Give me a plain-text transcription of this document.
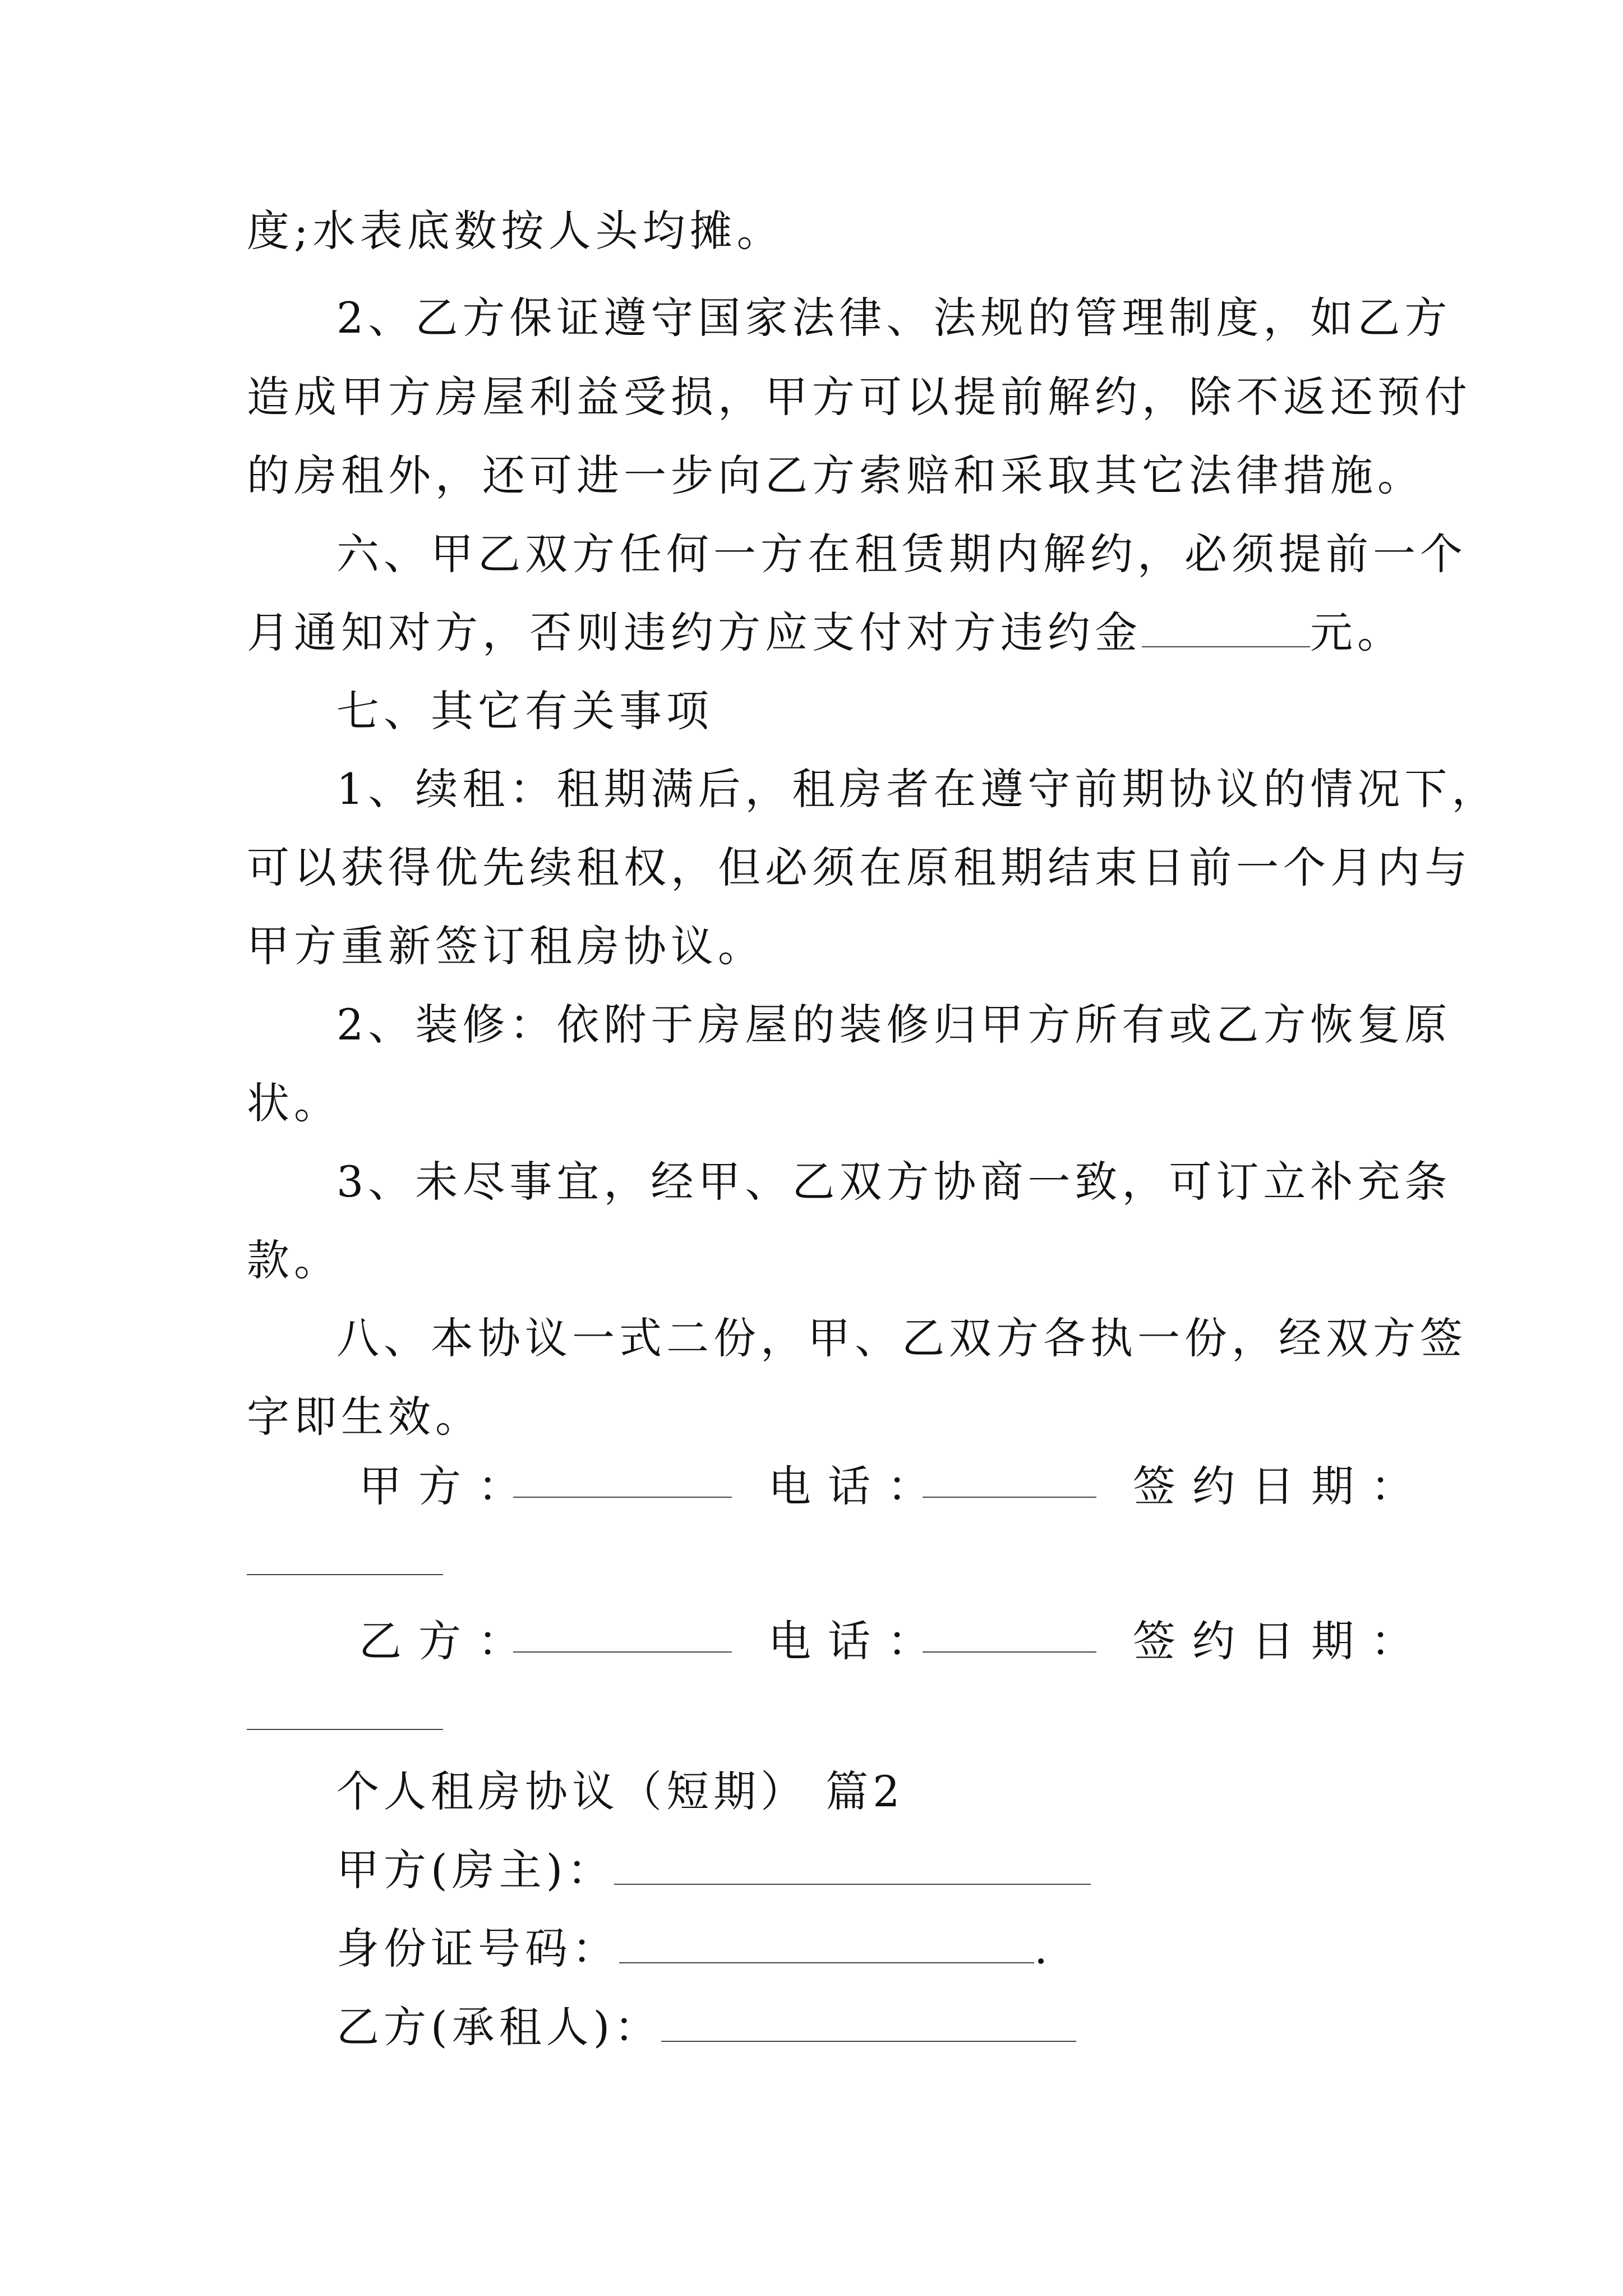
度;水表底数按人头均摊。
2、乙方保证遵守国家法律、法规的管理制度，如乙方
造成甲方房屋利益受损，甲方可以提前解约，除不返还预付
的房租外，还可进一步向乙方索赔和采取其它法律措施。
六、甲乙双方任何一方在租赁期内解约，必须提前一个
月通知对方，否则违约方应支付对方违约金	元。
七、其它有关事项
1、续租：租期满后，租房者在遵守前期协议的情况下，
可以获得优先续租权，但必须在原租期结束日前一个月内与
甲方重新签订租房协议。
2、装修：依附于房屋的装修归甲方所有或乙方恢复原
状。
3、未尽事宜，经甲、乙双方协商一致，可订立补充条
款。
八、本协议一式二份，甲、乙双方各执一份，经双方签
字即生效。
甲方：	电话：	签约日期：
乙方：	电话：	签约日期：
个人租房协议（短期） 篇2
甲方(房主)：
身份证号码：	.
乙方(承租人)：
